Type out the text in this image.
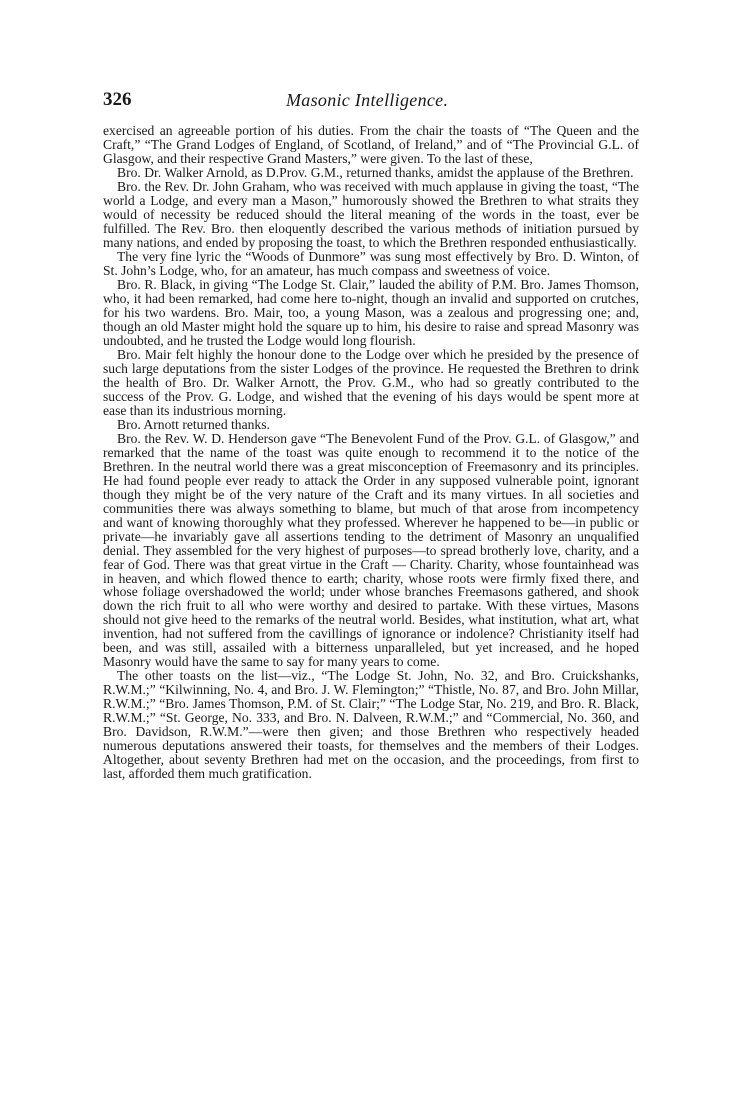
326	Masonic Intelligence.

exercised an agreeable portion of his duties. From the chair the toasts of “The Queen and the Craft,” “The Grand Lodges of England, of Scotland, of Ireland,” and of “The Provincial G.L. of Glasgow, and their respective Grand Masters,” were given. To the last of these,

Bro. Dr. Walker Arnold, as D.Prov. G.M., returned thanks, amidst the applause of the Brethren.

Bro. the Rev. Dr. John Graham, who was received with much applause in giving the toast, “The world a Lodge, and every man a Mason,” humorously showed the Brethren to what straits they would of necessity be reduced should the literal meaning of the words in the toast, ever be fulfilled. The Rev. Bro. then eloquently described the various methods of initiation pursued by many nations, and ended by proposing the toast, to which the Brethren responded enthusiastically.

The very fine lyric the “Woods of Dunmore” was sung most effectively by Bro. D. Winton, of St. John’s Lodge, who, for an amateur, has much compass and sweetness of voice.

Bro. R. Black, in giving “The Lodge St. Clair,” lauded the ability of P.M. Bro. James Thomson, who, it had been remarked, had come here to-night, though an invalid and supported on crutches, for his two wardens. Bro. Mair, too, a young Mason, was a zealous and progressing one; and, though an old Master might hold the square up to him, his desire to raise and spread Masonry was undoubted, and he trusted the Lodge would long flourish.

Bro. Mair felt highly the honour done to the Lodge over which he presided by the presence of such large deputations from the sister Lodges of the province. He requested the Brethren to drink the health of Bro. Dr. Walker Arnott, the Prov. G.M., who had so greatly contributed to the success of the Prov. G. Lodge, and wished that the evening of his days would be spent more at ease than its industrious morning.

Bro. Arnott returned thanks.

Bro. the Rev. W. D. Henderson gave “The Benevolent Fund of the Prov. G.L. of Glasgow,” and remarked that the name of the toast was quite enough to recommend it to the notice of the Brethren. In the neutral world there was a great misconception of Freemasonry and its principles. He had found people ever ready to attack the Order in any supposed vulnerable point, ignorant though they might be of the very nature of the Craft and its many virtues. In all societies and communities there was always something to blame, but much of that arose from incompetency and want of knowing thoroughly what they professed. Wherever he happened to be—in public or private—he invariably gave all assertions tending to the detriment of Masonry an unqualified denial. They assembled for the very highest of purposes—to spread brotherly love, charity, and a fear of God. There was that great virtue in the Craft — Charity. Charity, whose fountainhead was in heaven, and which flowed thence to earth; charity, whose roots were firmly fixed there, and whose foliage overshadowed the world; under whose branches Freemasons gathered, and shook down the rich fruit to all who were worthy and desired to partake. With these virtues, Masons should not give heed to the remarks of the neutral world. Besides, what institution, what art, what invention, had not suffered from the cavillings of ignorance or indolence? Christianity itself had been, and was still, assailed with a bitterness unparalleled, but yet increased, and he hoped Masonry would have the same to say for many years to come.

The other toasts on the list—viz., “The Lodge St. John, No. 32, and Bro. Cruickshanks, R.W.M.;” “Kilwinning, No. 4, and Bro. J. W. Flemington;” “Thistle, No. 87, and Bro. John Millar, R.W.M.;” “Bro. James Thomson, P.M. of St. Clair;” “The Lodge Star, No. 219, and Bro. R. Black, R.W.M.;” “St. George, No. 333, and Bro. N. Dalveen, R.W.M.;” and “Commercial, No. 360, and Bro. Davidson, R.W.M.”—were then given; and those Brethren who respectively headed numerous deputations answered their toasts, for themselves and the members of their Lodges. Altogether, about seventy Brethren had met on the occasion, and the proceedings, from first to last, afforded them much gratification.
